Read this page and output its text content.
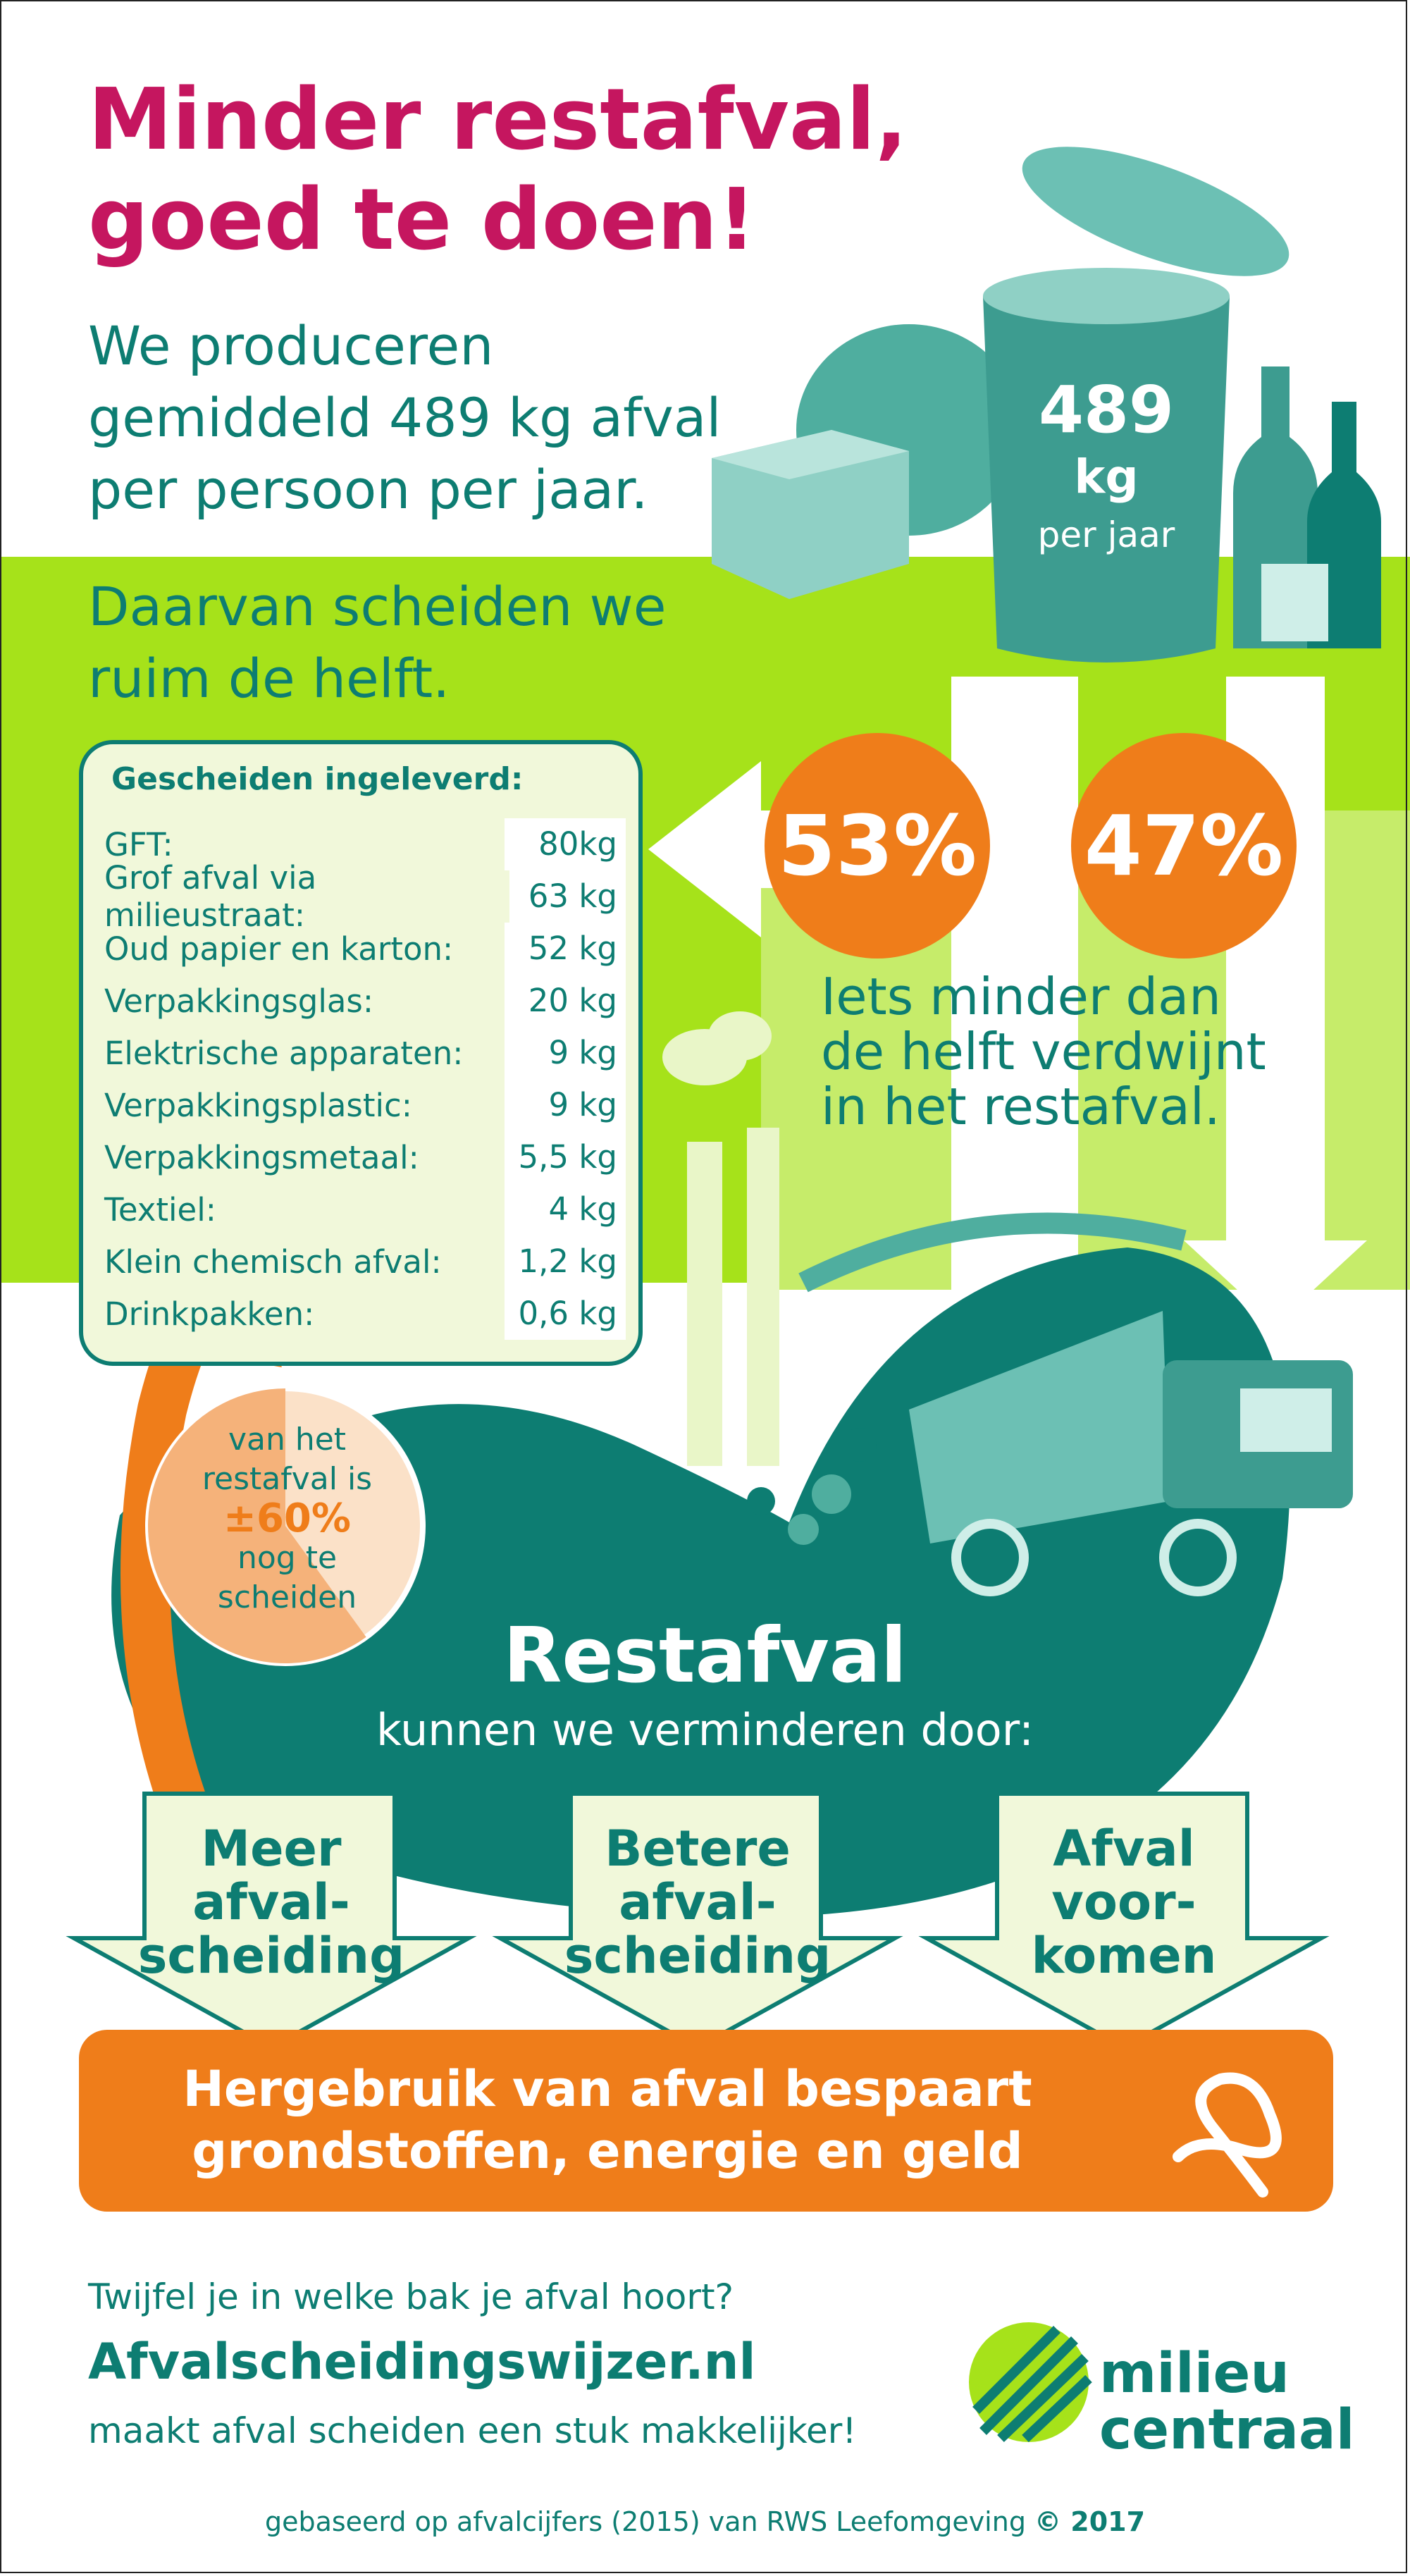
Minder restafval,
goed te doen!
We produceren
gemiddeld 489 kg afval
per persoon per jaar.
Daarvan scheiden we
ruim de helft.
489
kg
per jaar
53% 47%
Iets minder dan
de helft verdwijnt
in het restafval.
Gescheiden ingeleverd:
GFT:	80kg
Grof afval via milieustraat:
63 kg
Oud papier en karton:	52 kg
Verpakkingsglas:	20 kg
Elektrische apparaten:	9 kg
Verpakkingsplastic:	9 kg
Verpakkingsmetaal:	5,5 kg
Textiel:	4 kg
Klein chemisch afval:	1,2 kg
Drinkpakken:	0,6 kg
van het
restafval is
±60%
nog te
scheiden
Restafval
kunnen we verminderen door:
Meer
afval-
scheiding
Betere
afval-
scheiding
Afval
voor-
komen
Hergebruik van afval bespaart
grondstoffen, energie en geld
Twijfel je in welke bak je afval hoort?
Afvalscheidingswijzer.nl
maakt afval scheiden een stuk makkelijker!
milieu
centraal
gebaseerd op afvalcijfers (2015) van RWS Leefomgeving © 2017
